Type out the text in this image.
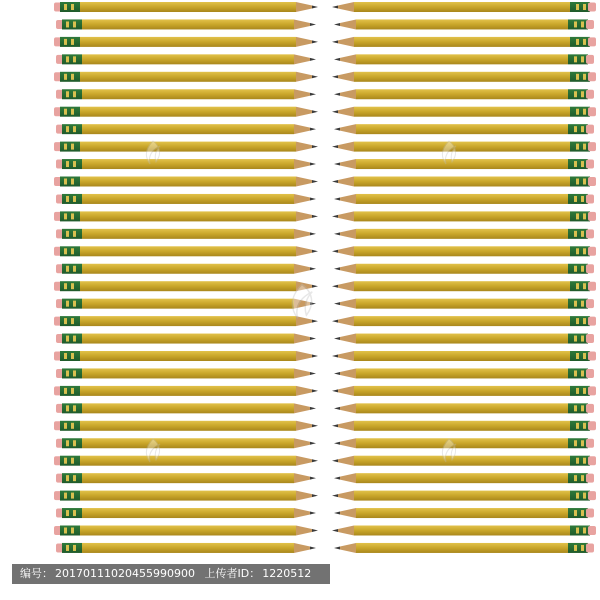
编号： 20170111020455990900 上传者ID： 1220512
